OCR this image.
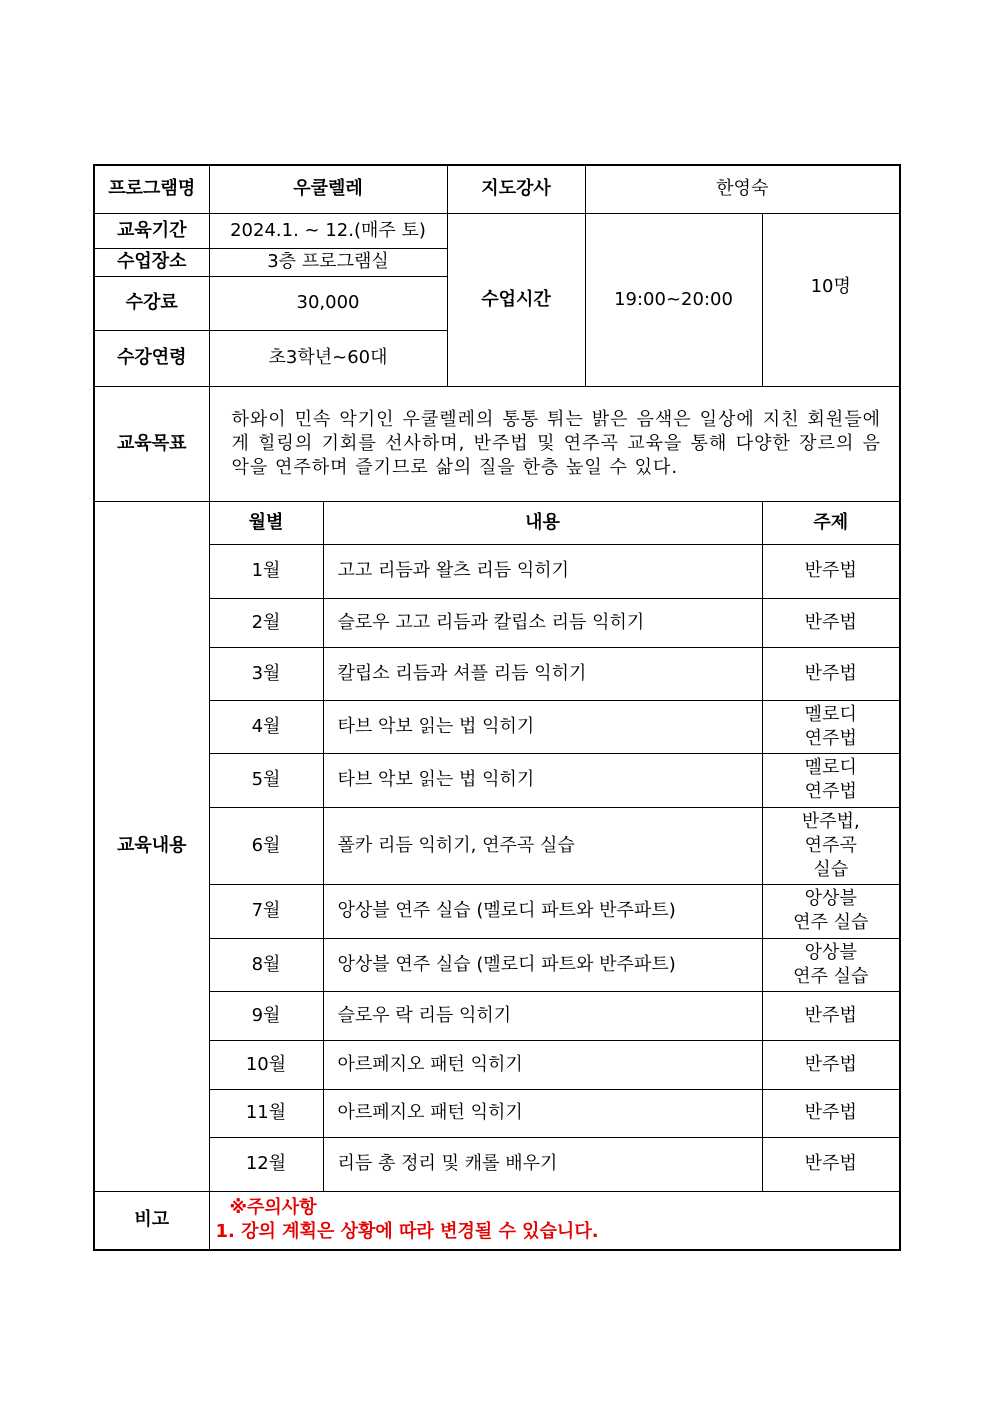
프로그램명	우쿨렐레		지도강사	한영숙	
교육기간	2024.1. ~ 12.(매주 토)		수업시간	19:00~20:00	10명
수업장소	3층 프로그램실				
수강료	30,000				
수강연령	초3학년~60대				
교육목표	하와이 민속 악기인 우쿨렐레의 통통 튀는 밝은 음색은 일상에 지친 회원들에게 힐링의 기회를 선사하며, 반주법 및 연주곡 교육을 통해 다양한 장르의 음악을 연주하며 즐기므로 삶의 질을 한층 높일 수 있다.				
교육내용	월별	내용			주제
	1월	고고 리듬과 왈츠 리듬 익히기			반주법
	2월	슬로우 고고 리듬과 칼립소 리듬 익히기			반주법
	3월	칼립소 리듬과 셔플 리듬 익히기			반주법
	4월	타브 악보 읽는 법 익히기			멜로디
연주법
	5월	타브 악보 읽는 법 익히기			멜로디
연주법
	6월	폴카 리듬 익히기, 연주곡 실습			반주법,
연주곡
실습
	7월	앙상블 연주 실습 (멜로디 파트와 반주파트)			앙상블
연주 실습
	8월	앙상블 연주 실습 (멜로디 파트와 반주파트)			앙상블
연주 실습
	9월	슬로우 락 리듬 익히기			반주법
	10월	아르페지오 패턴 익히기			반주법
	11월	아르페지오 패턴 익히기			반주법
	12월	리듬 총 정리 및 캐롤 배우기			반주법
비고	※주의사항
1. 강의 계획은 상황에 따라 변경될 수 있습니다.				
